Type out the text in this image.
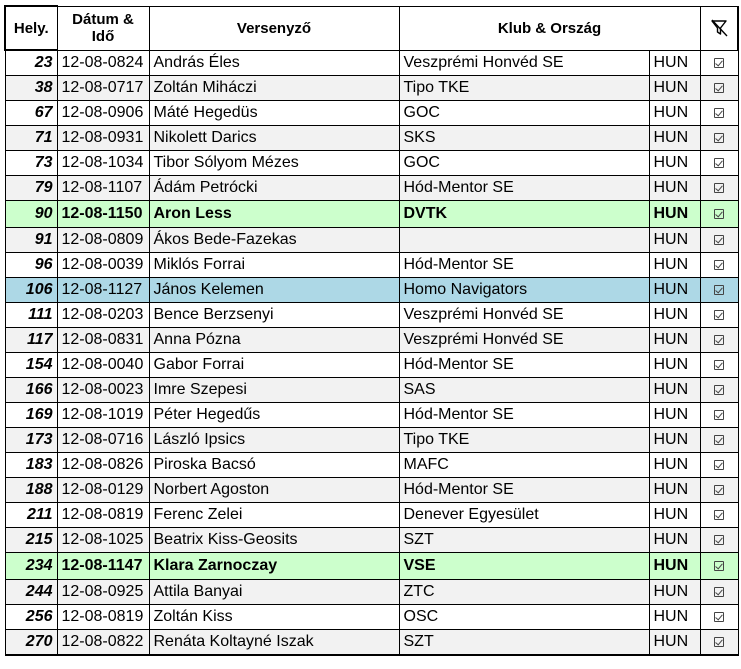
Hely.	Dátum & Idő	Versenyző	Klub & Ország	

23	12-08-0824	András Éles	Veszprémi Honvéd SE	HUN	
38	12-08-0717	Zoltán Miháczi	Tipo TKE	HUN	
67	12-08-0906	Máté Hegedüs	GOC	HUN	
71	12-08-0931	Nikolett Darics	SKS	HUN	
73	12-08-1034	Tibor Sólyom Mézes	GOC	HUN	
79	12-08-1107	Ádám Petrócki	Hód-Mentor SE	HUN	
90	12-08-1150	Aron Less	DVTK	HUN	
91	12-08-0809	Ákos Bede-Fazekas		HUN	
96	12-08-0039	Miklós Forrai	Hód-Mentor SE	HUN	
106	12-08-1127	János Kelemen	Homo Navigators	HUN	
111	12-08-0203	Bence Berzsenyi	Veszprémi Honvéd SE	HUN	
117	12-08-0831	Anna Pózna	Veszprémi Honvéd SE	HUN	
154	12-08-0040	Gabor Forrai	Hód-Mentor SE	HUN	
166	12-08-0023	Imre Szepesi	SAS	HUN	
169	12-08-1019	Péter Hegedűs	Hód-Mentor SE	HUN	
173	12-08-0716	László Ipsics	Tipo TKE	HUN	
183	12-08-0826	Piroska Bacsó	MAFC	HUN	
188	12-08-0129	Norbert Agoston	Hód-Mentor SE	HUN	
211	12-08-0819	Ferenc Zelei	Denever Egyesület	HUN	
215	12-08-1025	Beatrix Kiss-Geosits	SZT	HUN	
234	12-08-1147	Klara Zarnoczay	VSE	HUN	
244	12-08-0925	Attila Banyai	ZTC	HUN	
256	12-08-0819	Zoltán Kiss	OSC	HUN	
270	12-08-0822	Renáta Koltayné Iszak	SZT	HUN	
